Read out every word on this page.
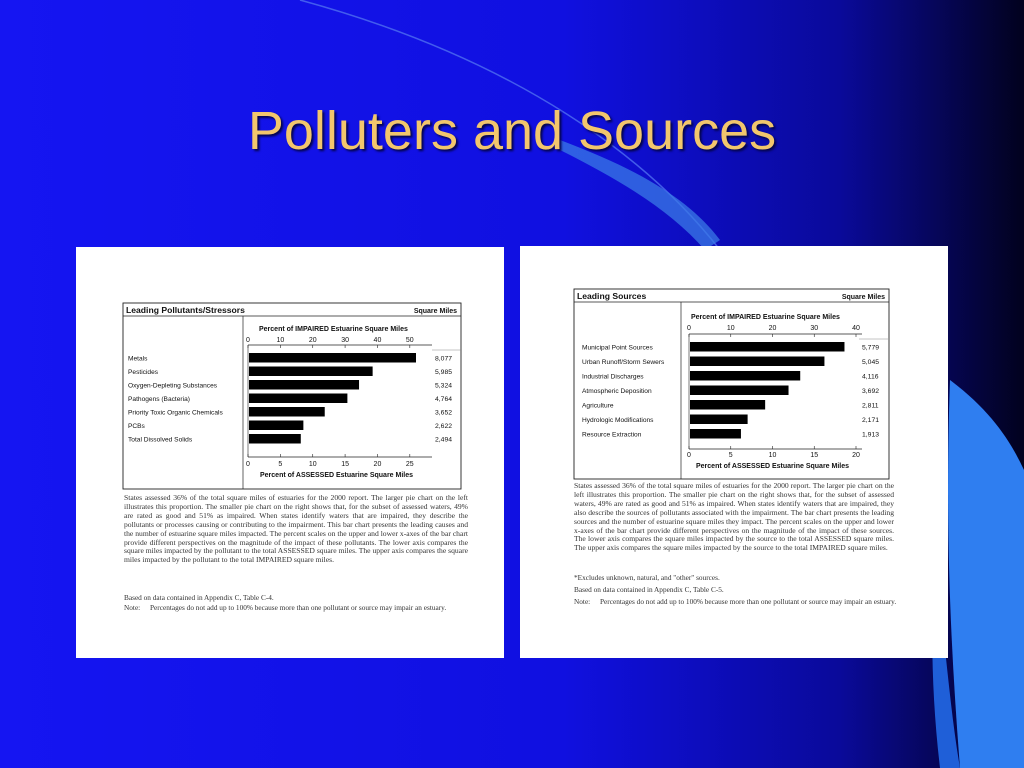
Polluters and Sources
Leading Pollutants/Stressors	Square Miles
Percent of IMPAIRED Estuarine Square Miles
0	10	20	30	40	50
0	5	10	15	20	25
Percent of ASSESSED Estuarine Square Miles
Metals	8,077
Pesticides	5,985
Oxygen-Depleting Substances	5,324
Pathogens (Bacteria)	4,764
Priority Toxic Organic Chemicals	3,652
PCBs	2,622
Total Dissolved Solids	2,494

States assessed 36% of the total square miles of estuaries for the 2000 report. The larger pie chart on the left illustrates this proportion. The smaller pie chart on the right shows that, for the subset of assessed waters, 49% are rated as good and 51% as impaired. When states identify waters that are impaired, they describe the pollutants or processes causing or contributing to the impairment. This bar chart presents the leading causes and the number of estuarine square miles impacted. The percent scales on the upper and lower x-axes of the bar chart provide different perspectives on the magnitude of the impact of these pollutants. The lower axis compares the square miles impacted by the pollutant to the total ASSESSED square miles. The upper axis compares the square miles impacted by the pollutant to the total IMPAIRED square miles.

Based on data contained in Appendix C, Table C-4.

Note: Percentages do not add up to 100% because more than one pollutant or source may impair an estuary.

Leading Sources	Square Miles
Percent of IMPAIRED Estuarine Square Miles
0	10	20	30	40
0	5	10	15	20
Percent of ASSESSED Estuarine Square Miles
Municipal Point Sources	5,779
Urban Runoff/Storm Sewers	5,045
Industrial Discharges	4,116
Atmospheric Deposition	3,692
Agriculture	2,811
Hydrologic Modifications	2,171
Resource Extraction	1,913

States assessed 36% of the total square miles of estuaries for the 2000 report. The larger pie chart on the left illustrates this proportion. The smaller pie chart on the right shows that, for the subset of assessed waters, 49% are rated as good and 51% as impaired. When states identify waters that are impaired, they also describe the sources of pollutants associated with the impairment. The bar chart presents the leading sources and the number of estuarine square miles they impact. The percent scales on the upper and lower x-axes of the bar chart provide different perspectives on the magnitude of the impact of these sources. The lower axis compares the square miles impacted by the source to the total ASSESSED square miles. The upper axis compares the square miles impacted by the source to the total IMPAIRED square miles.

*Excludes unknown, natural, and "other" sources.

Based on data contained in Appendix C, Table C-5.

Note: Percentages do not add up to 100% because more than one pollutant or source may impair an estuary.
